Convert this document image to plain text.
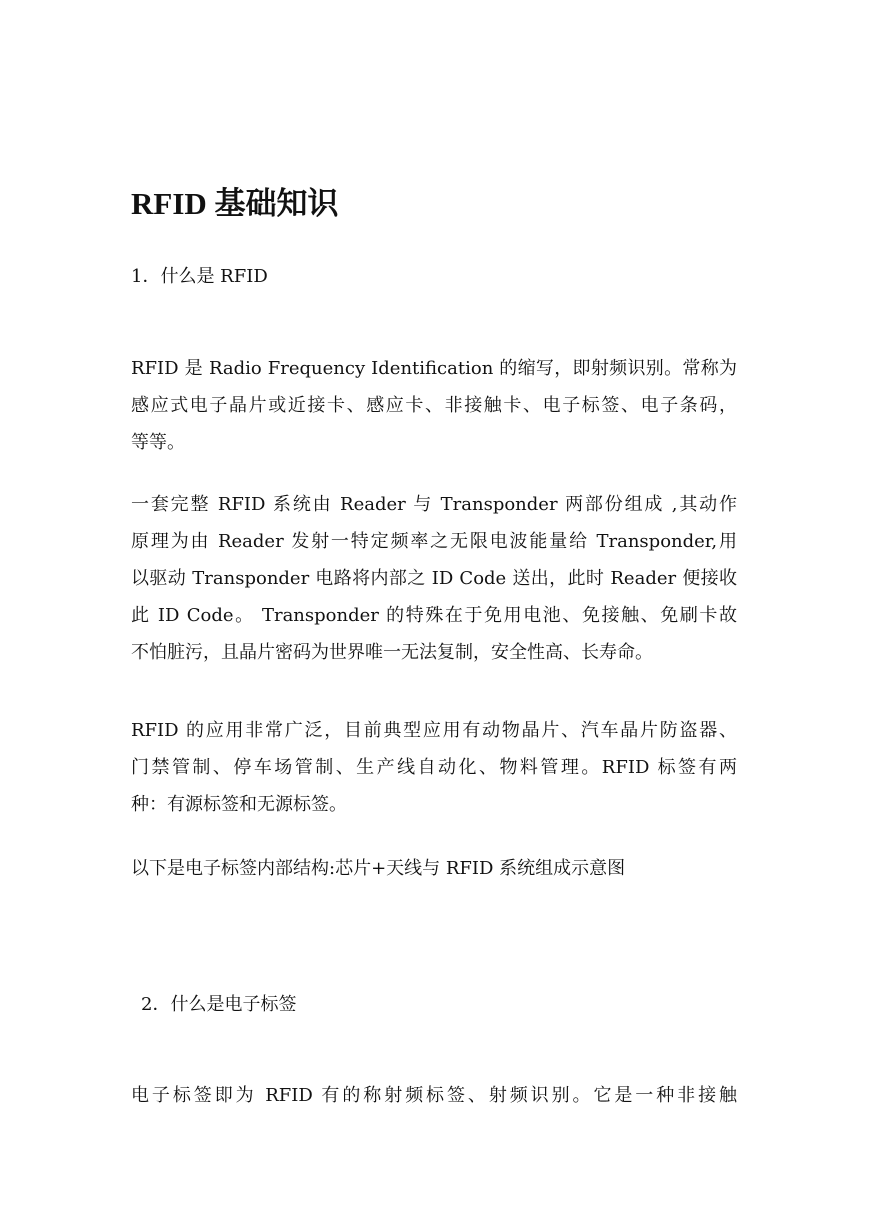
RFID 基础知识
1．什么是 RFID

RFID 是 Radio Frequency Identification 的缩写，即射频识别。常称为
感应式电子晶片或近接卡、感应卡、非接触卡、电子标签、电子条码，
等等。

一套完整 RFID 系统由 Reader 与 Transponder 两部份组成 ,其动作
原理为由 Reader 发射一特定频率之无限电波能量给 Transponder,用
以驱动 Transponder 电路将内部之 ID Code 送出，此时 Reader 便接收
此 ID Code。 Transponder 的特殊在于免用电池、免接触、免刷卡故
不怕脏污，且晶片密码为世界唯一无法复制，安全性高、长寿命。

RFID 的应用非常广泛，目前典型应用有动物晶片、汽车晶片防盗器、
门禁管制、停车场管制、生产线自动化、物料管理。RFID 标签有两
种：有源标签和无源标签。

以下是电子标签内部结构:芯片+天线与 RFID 系统组成示意图

2．什么是电子标签

电子标签即为 RFID 有的称射频标签、射频识别。它是一种非接触
